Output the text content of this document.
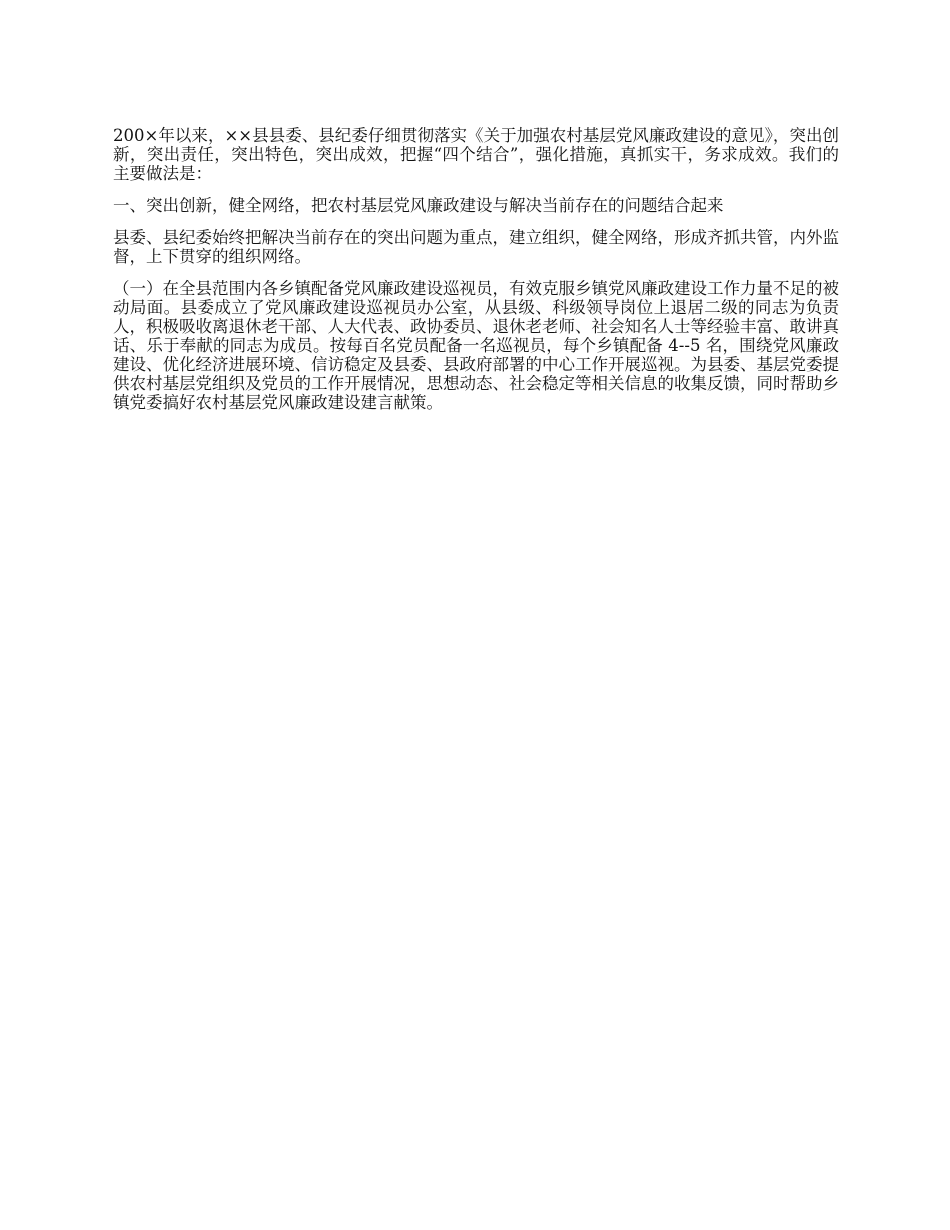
200×年以来，××县县委、县纪委仔细贯彻落实《关于加强农村基层党风廉政建设的意见》，突出创新，突出责任，突出特色，突出成效，把握“四个结合”，强化措施，真抓实干，务求成效。我们的主要做法是：

一、突出创新，健全网络，把农村基层党风廉政建设与解决当前存在的问题结合起来

县委、县纪委始终把解决当前存在的突出问题为重点，建立组织，健全网络，形成齐抓共管，内外监督，上下贯穿的组织网络。

（一）在全县范围内各乡镇配备党风廉政建设巡视员，有效克服乡镇党风廉政建设工作力量不足的被动局面。县委成立了党风廉政建设巡视员办公室，从县级、科级领导岗位上退居二级的同志为负责人，积极吸收离退休老干部、人大代表、政协委员、退休老老师、社会知名人士等经验丰富、敢讲真话、乐于奉献的同志为成员。按每百名党员配备一名巡视员，每个乡镇配备 4--5 名，围绕党风廉政建设、优化经济进展环境、信访稳定及县委、县政府部署的中心工作开展巡视。为县委、基层党委提供农村基层党组织及党员的工作开展情况，思想动态、社会稳定等相关信息的收集反馈，同时帮助乡镇党委搞好农村基层党风廉政建设建言献策。
